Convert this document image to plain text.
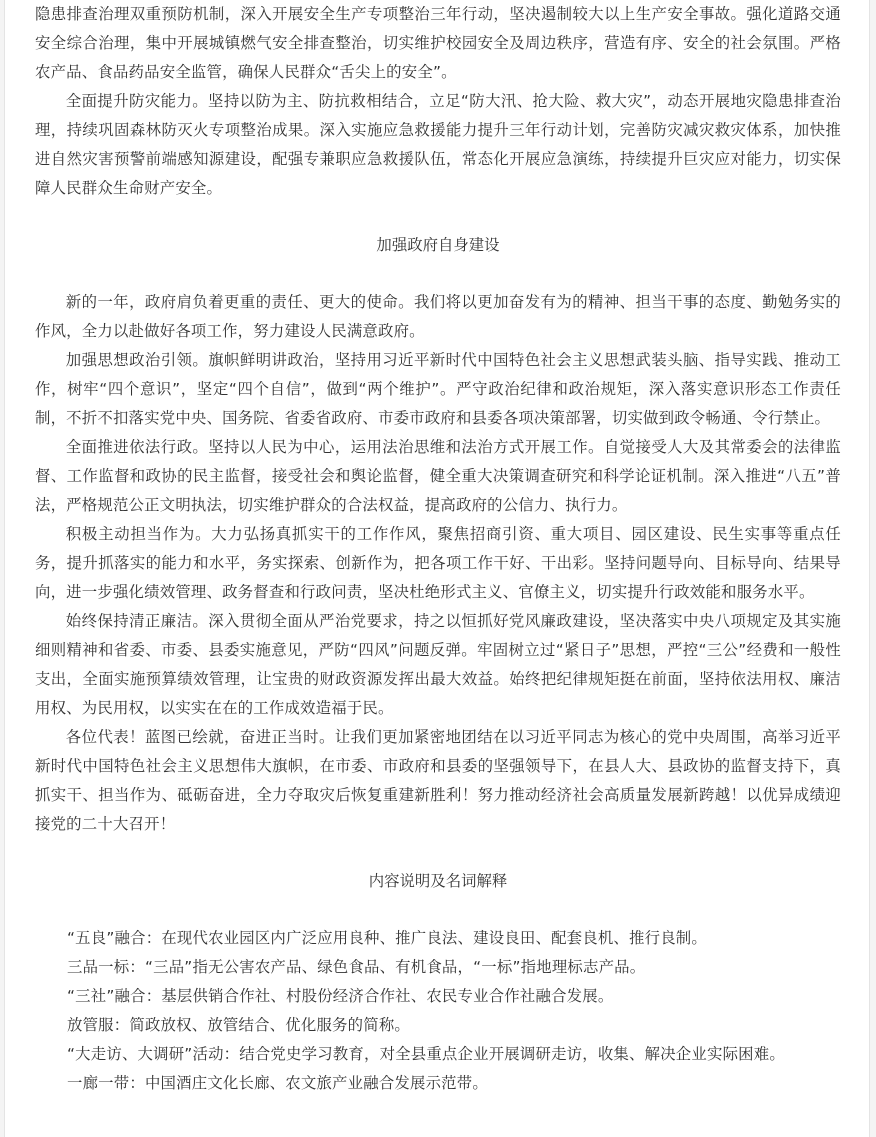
隐患排查治理双重预防机制，深入开展安全生产专项整治三年行动，坚决遏制较大以上生产安全事故。强化道路交通安全综合治理，集中开展城镇燃气安全排查整治，切实维护校园安全及周边秩序，营造有序、安全的社会氛围。严格农产品、食品药品安全监管，确保人民群众“舌尖上的安全”。

全面提升防灾能力。坚持以防为主、防抗救相结合，立足“防大汛、抢大险、救大灾”，动态开展地灾隐患排查治理，持续巩固森林防灭火专项整治成果。深入实施应急救援能力提升三年行动计划，完善防灾减灾救灾体系，加快推进自然灾害预警前端感知源建设，配强专兼职应急救援队伍，常态化开展应急演练，持续提升巨灾应对能力，切实保障人民群众生命财产安全。

加强政府自身建设

新的一年，政府肩负着更重的责任、更大的使命。我们将以更加奋发有为的精神、担当干事的态度、勤勉务实的作风，全力以赴做好各项工作，努力建设人民满意政府。

加强思想政治引领。旗帜鲜明讲政治，坚持用习近平新时代中国特色社会主义思想武装头脑、指导实践、推动工作，树牢“四个意识”，坚定“四个自信”，做到“两个维护”。严守政治纪律和政治规矩，深入落实意识形态工作责任制，不折不扣落实党中央、国务院、省委省政府、市委市政府和县委各项决策部署，切实做到政令畅通、令行禁止。

全面推进依法行政。坚持以人民为中心，运用法治思维和法治方式开展工作。自觉接受人大及其常委会的法律监督、工作监督和政协的民主监督，接受社会和舆论监督，健全重大决策调查研究和科学论证机制。深入推进“八五”普法，严格规范公正文明执法，切实维护群众的合法权益，提高政府的公信力、执行力。

积极主动担当作为。大力弘扬真抓实干的工作作风，聚焦招商引资、重大项目、园区建设、民生实事等重点任务，提升抓落实的能力和水平，务实探索、创新作为，把各项工作干好、干出彩。坚持问题导向、目标导向、结果导向，进一步强化绩效管理、政务督查和行政问责，坚决杜绝形式主义、官僚主义，切实提升行政效能和服务水平。

始终保持清正廉洁。深入贯彻全面从严治党要求，持之以恒抓好党风廉政建设，坚决落实中央八项规定及其实施细则精神和省委、市委、县委实施意见，严防“四风”问题反弹。牢固树立过“紧日子”思想，严控“三公”经费和一般性支出，全面实施预算绩效管理，让宝贵的财政资源发挥出最大效益。始终把纪律规矩挺在前面，坚持依法用权、廉洁用权、为民用权，以实实在在的工作成效造福于民。

各位代表！蓝图已绘就，奋进正当时。让我们更加紧密地团结在以习近平同志为核心的党中央周围，高举习近平新时代中国特色社会主义思想伟大旗帜，在市委、市政府和县委的坚强领导下，在县人大、县政协的监督支持下，真抓实干、担当作为、砥砺奋进，全力夺取灾后恢复重建新胜利！努力推动经济社会高质量发展新跨越！以优异成绩迎接党的二十大召开！

内容说明及名词解释

“五良”融合：在现代农业园区内广泛应用良种、推广良法、建设良田、配套良机、推行良制。

三品一标：“三品”指无公害农产品、绿色食品、有机食品，“一标”指地理标志产品。

“三社”融合：基层供销合作社、村股份经济合作社、农民专业合作社融合发展。

放管服：简政放权、放管结合、优化服务的简称。

“大走访、大调研”活动：结合党史学习教育，对全县重点企业开展调研走访，收集、解决企业实际困难。

一廊一带：中国酒庄文化长廊、农文旅产业融合发展示范带。
